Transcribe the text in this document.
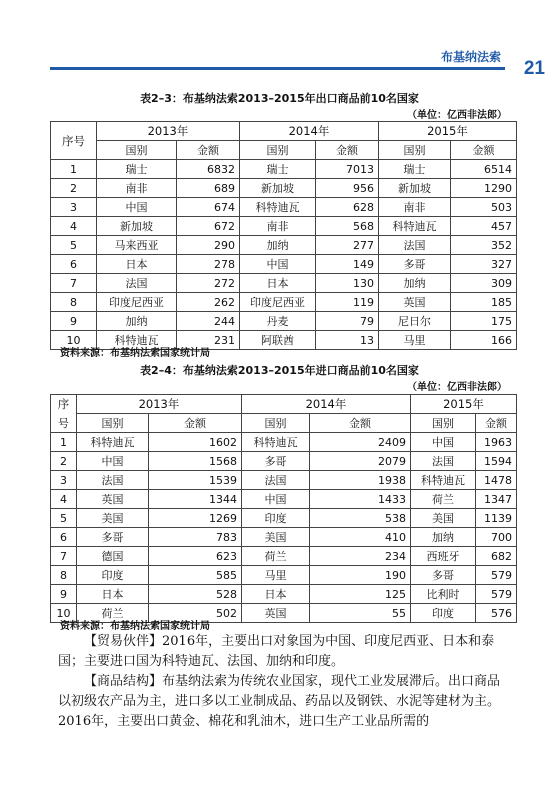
布基纳法索
21
表2–3：布基纳法索2013–2015年出口商品前10名国家
（单位：亿西非法郎）
序号	2013年		2014年		2015年	
	国别	金额	国别	金额	国别	金额
1	瑞士	6832	瑞士	7013	瑞士	6514
2	南非	689	新加坡	956	新加坡	1290
3	中国	674	科特迪瓦	628	南非	503
4	新加坡	672	南非	568	科特迪瓦	457
5	马来西亚	290	加纳	277	法国	352
6	日本	278	中国	149	多哥	327
7	法国	272	日本	130	加纳	309
8	印度尼西亚	262	印度尼西亚	119	英国	185
9	加纳	244	丹麦	79	尼日尔	175
10	科特迪瓦	231	阿联酋	13	马里	166
资料来源：布基纳法索国家统计局
表2–4：布基纳法索2013–2015年进口商品前10名国家
（单位：亿西非法郎）
序	2013年		2014年		2015年	
号	国别	金额	国别	金额	国别	金额
1	科特迪瓦	1602	科特迪瓦	2409	中国	1963
2	中国	1568	多哥	2079	法国	1594
3	法国	1539	法国	1938	科特迪瓦	1478
4	英国	1344	中国	1433	荷兰	1347
5	美国	1269	印度	538	美国	1139
6	多哥	783	美国	410	加纳	700
7	德国	623	荷兰	234	西班牙	682
8	印度	585	马里	190	多哥	579
9	日本	528	日本	125	比利时	579
10	荷兰	502	英国	55	印度	576
资料来源：布基纳法索国家统计局

【贸易伙伴】2016年，主要出口对象国为中国、印度尼西亚、日本和泰国；主要进口国为科特迪瓦、法国、加纳和印度。

【商品结构】布基纳法索为传统农业国家，现代工业发展滞后。出口商品以初级农产品为主，进口多以工业制成品、药品以及钢铁、水泥等建材为主。2016年，主要出口黄金、棉花和乳油木，进口生产工业品所需的
